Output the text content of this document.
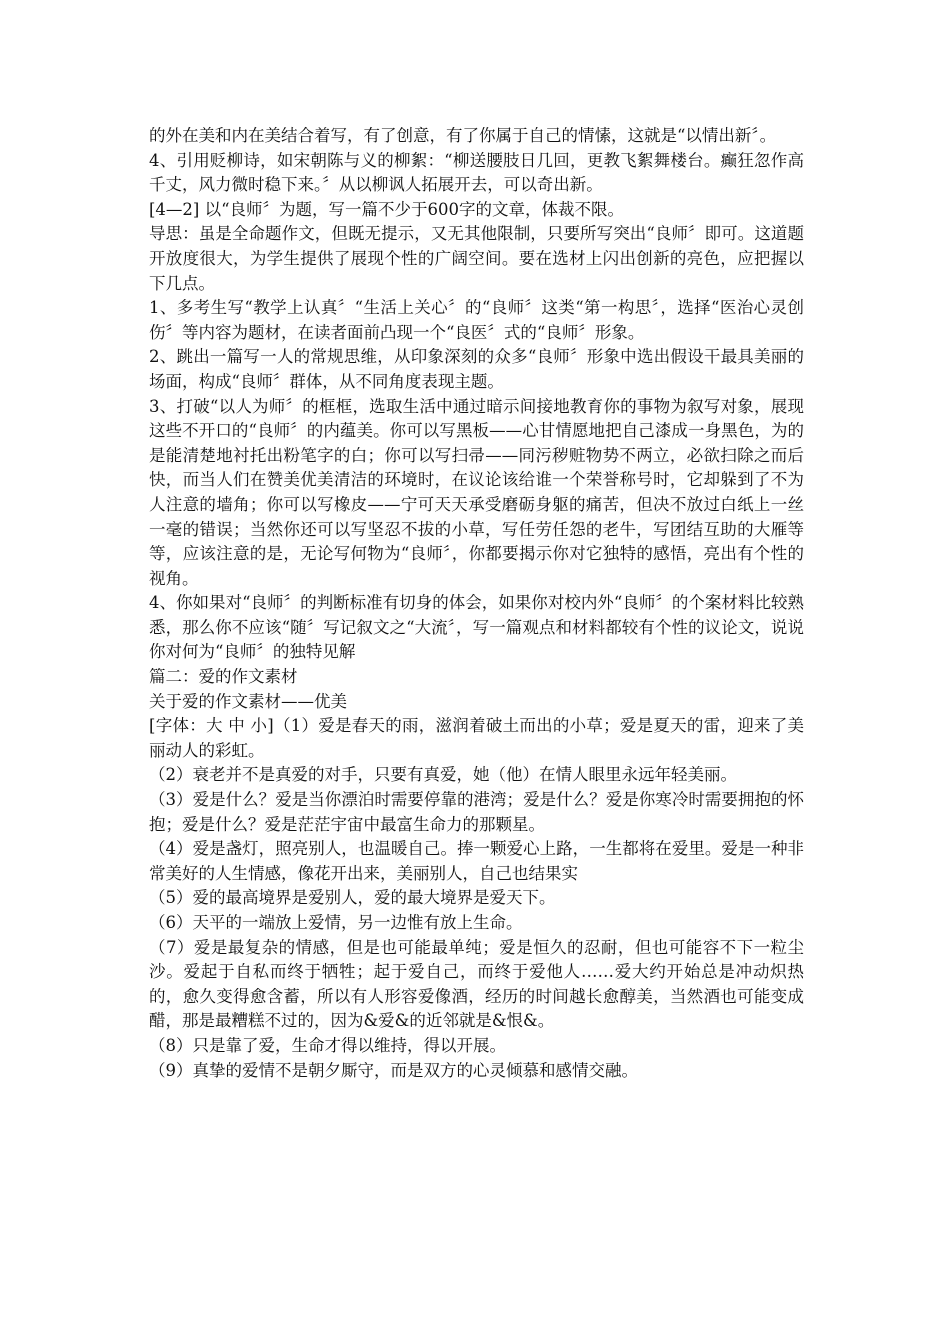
的外在美和内在美结合着写，有了创意，有了你属于自己的情愫，这就是“以情出新〞。

4、引用贬柳诗，如宋朝陈与义的柳絮：“柳送腰肢日几回，更教飞絮舞楼台。癫狂忽作高千丈，风力微时稳下来。〞从以柳讽人拓展开去，可以奇出新。

[4—2] 以“良师〞为题，写一篇不少于600字的文章，体裁不限。

导思：虽是全命题作文，但既无提示，又无其他限制，只要所写突出“良师〞即可。这道题开放度很大，为学生提供了展现个性的广阔空间。要在选材上闪出创新的亮色，应把握以下几点。

1、多考生写“教学上认真〞“生活上关心〞的“良师〞这类“第一构思〞，选择“医治心灵创伤〞等内容为题材，在读者面前凸现一个“良医〞式的“良师〞形象。

2、跳出一篇写一人的常规思维，从印象深刻的众多“良师〞形象中选出假设干最具美丽的场面，构成“良师〞群体，从不同角度表现主题。

3、打破“以人为师〞的框框，选取生活中通过暗示间接地教育你的事物为叙写对象，展现这些不开口的“良师〞的内蕴美。你可以写黑板——心甘情愿地把自己漆成一身黑色，为的是能清楚地衬托出粉笔字的白；你可以写扫帚——同污秽赃物势不两立，必欲扫除之而后快，而当人们在赞美优美清洁的环境时，在议论该给谁一个荣誉称号时，它却躲到了不为人注意的墙角；你可以写橡皮——宁可天天承受磨砺身躯的痛苦，但决不放过白纸上一丝一毫的错误；当然你还可以写坚忍不拔的小草，写任劳任怨的老牛，写团结互助的大雁等等，应该注意的是，无论写何物为“良师〞，你都要揭示你对它独特的感悟，亮出有个性的视角。

4、你如果对“良师〞的判断标准有切身的体会，如果你对校内外“良师〞的个案材料比较熟悉，那么你不应该“随〞写记叙文之“大流〞，写一篇观点和材料都较有个性的议论文，说说你对何为“良师〞的独特见解

篇二：爱的作文素材

关于爱的作文素材——优美

[字体：大 中 小]（1）爱是春天的雨，滋润着破土而出的小草；爱是夏天的雷，迎来了美丽动人的彩虹。

（2）衰老并不是真爱的对手，只要有真爱，她（他）在情人眼里永远年轻美丽。

（3）爱是什么？爱是当你漂泊时需要停靠的港湾；爱是什么？爱是你寒冷时需要拥抱的怀抱；爱是什么？爱是茫茫宇宙中最富生命力的那颗星。

（4）爱是盏灯，照亮别人，也温暖自己。捧一颗爱心上路，一生都将在爱里。爱是一种非常美好的人生情感，像花开出来，美丽别人，自己也结果实

（5）爱的最高境界是爱别人，爱的最大境界是爱天下。

（6）天平的一端放上爱情，另一边惟有放上生命。

（7）爱是最复杂的情感，但是也可能最单纯；爱是恒久的忍耐，但也可能容不下一粒尘沙。爱起于自私而终于牺牲；起于爱自己，而终于爱他人……爱大约开始总是冲动炽热的，愈久变得愈含蓄，所以有人形容爱像酒，经历的时间越长愈醇美，当然酒也可能变成醋，那是最糟糕不过的，因为&爱&的近邻就是&恨&。

（8）只是靠了爱，生命才得以维持，得以开展。

（9）真挚的爱情不是朝夕厮守，而是双方的心灵倾慕和感情交融。
